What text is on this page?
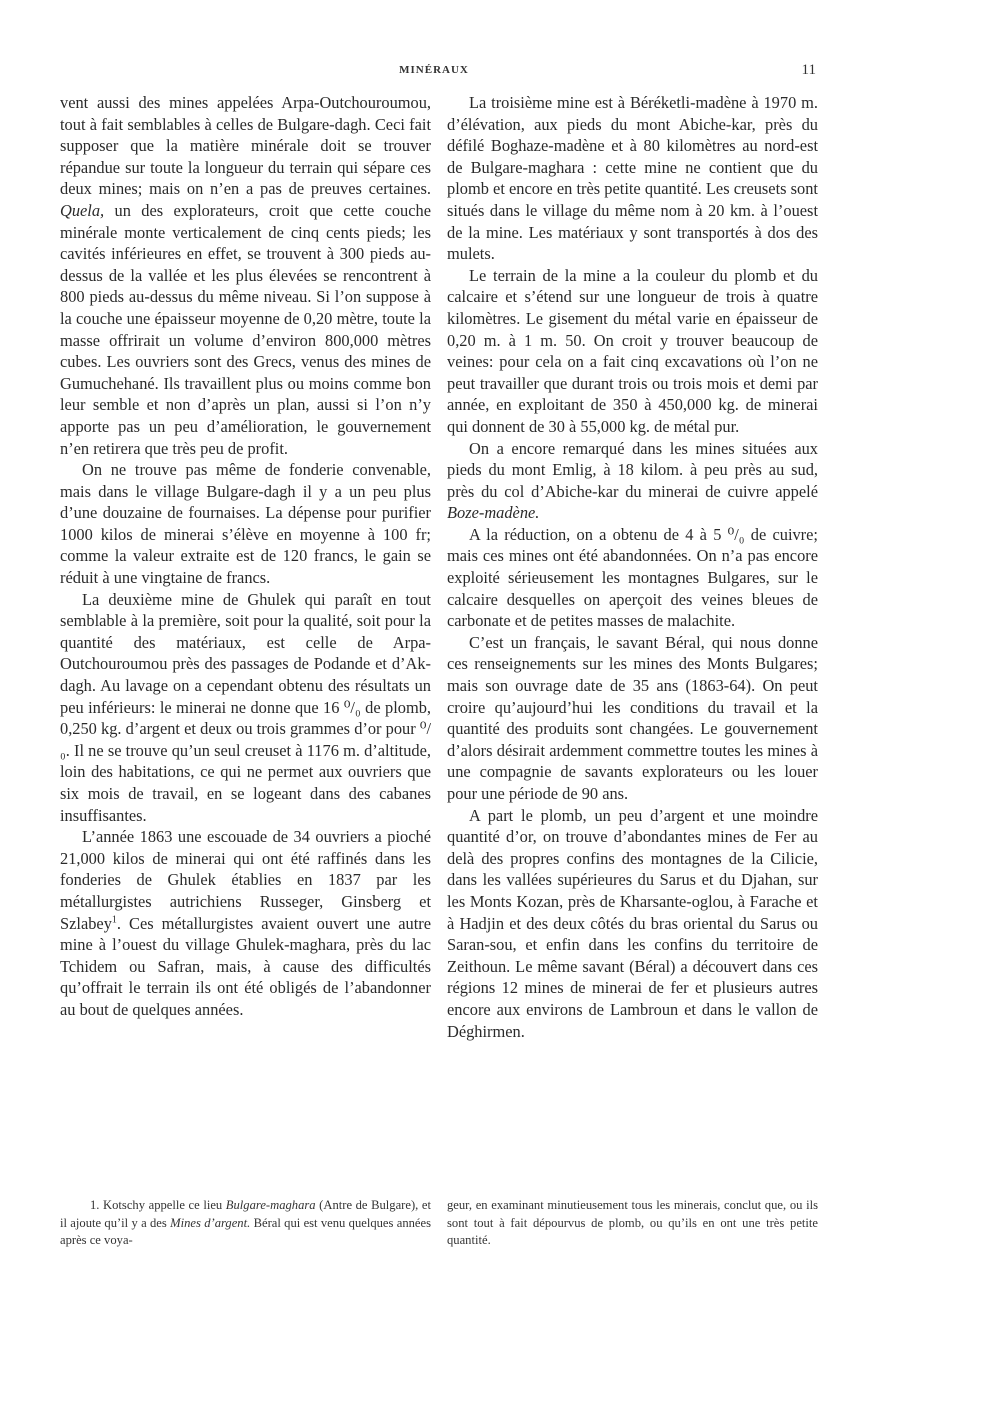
MINÉRAUX	11

vent aussi des mines appelées Arpa-Outchouroumou, tout à fait semblables à celles de Bulgare-dagh. Ceci fait supposer que la matière minérale doit se trouver répandue sur toute la longueur du terrain qui sépare ces deux mines; mais on n’en a pas de preuves certaines. Quela, un des explorateurs, croit que cette couche minérale monte verticalement de cinq cents pieds; les cavités inférieures en effet, se trouvent à 300 pieds au-dessus de la vallée et les plus élevées se rencontrent à 800 pieds au-dessus du même niveau. Si l’on suppose à la couche une épaisseur moyenne de 0,20 mètre, toute la masse offrirait un volume d’environ 800,000 mètres cubes. Les ouvriers sont des Grecs, venus des mines de Gumuchehané. Ils travaillent plus ou moins comme bon leur semble et non d’après un plan, aussi si l’on n’y apporte pas un peu d’amélioration, le gouvernement n’en retirera que très peu de profit.

On ne trouve pas même de fonderie convenable, mais dans le village Bulgare-dagh il y a un peu plus d’une douzaine de fournaises. La dépense pour purifier 1000 kilos de minerai s’élève en moyenne à 100 fr; comme la valeur extraite est de 120 francs, le gain se réduit à une vingtaine de francs.

La deuxième mine de Ghulek qui paraît en tout semblable à la première, soit pour la qualité, soit pour la quantité des matériaux, est celle de Arpa-Outchouroumou près des passages de Podande et d’Ak-dagh. Au lavage on a cependant obtenu des résultats un peu inférieurs: le minerai ne donne que 16 ⁰/₀ de plomb, 0,250 kg. d’argent et deux ou trois grammes d’or pour ⁰/₀. Il ne se trouve qu’un seul creuset à 1176 m. d’altitude, loin des habitations, ce qui ne permet aux ouvriers que six mois de travail, en se logeant dans des cabanes insuffisantes.

L’année 1863 une escouade de 34 ouvriers a pioché 21,000 kilos de minerai qui ont été raffinés dans les fonderies de Ghulek établies en 1837 par les métallurgistes autrichiens Russeger, Ginsberg et Szlabey$^1$. Ces métallurgistes avaient ouvert une autre mine à l’ouest du village Ghulek-maghara, près du lac Tchidem ou Safran, mais, à cause des difficultés qu’offrait le terrain ils ont été obligés de l’abandonner au bout de quelques années.

La troisième mine est à Béréketli-madène à 1970 m. d’élévation, aux pieds du mont Abiche-kar, près du défilé Boghaze-madène et à 80 kilomètres au nord-est de Bulgare-maghara : cette mine ne contient que du plomb et encore en très petite quantité. Les creusets sont situés dans le village du même nom à 20 km. à l’ouest de la mine. Les matériaux y sont transportés à dos des mulets.

Le terrain de la mine a la couleur du plomb et du calcaire et s’étend sur une longueur de trois à quatre kilomètres. Le gisement du métal varie en épaisseur de 0,20 m. à 1 m. 50. On croit y trouver beaucoup de veines: pour cela on a fait cinq excavations où l’on ne peut travailler que durant trois ou trois mois et demi par année, en exploitant de 350 à 450,000 kg. de minerai qui donnent de 30 à 55,000 kg. de métal pur.

On a encore remarqué dans les mines situées aux pieds du mont Emlig, à 18 kilom. à peu près au sud, près du col d’Abiche-kar du minerai de cuivre appelé Boze-madène.

A la réduction, on a obtenu de 4 à 5 ⁰/₀ de cuivre; mais ces mines ont été abandonnées. On n’a pas encore exploité sérieusement les montagnes Bulgares, sur le calcaire desquelles on aperçoit des veines bleues de carbonate et de petites masses de malachite.

C’est un français, le savant Béral, qui nous donne ces renseignements sur les mines des Monts Bulgares; mais son ouvrage date de 35 ans (1863-64). On peut croire qu’aujourd’hui les conditions du travail et la quantité des produits sont changées. Le gouvernement d’alors désirait ardemment commettre toutes les mines à une compagnie de savants explorateurs ou les louer pour une période de 90 ans.

A part le plomb, un peu d’argent et une moindre quantité d’or, on trouve d’abondantes mines de Fer au delà des propres confins des montagnes de la Cilicie, dans les vallées supérieures du Sarus et du Djahan, sur les Monts Kozan, près de Kharsante-oglou, à Farache et à Hadjin et des deux côtés du bras oriental du Sarus ou Saran-sou, et enfin dans les confins du territoire de Zeithoun. Le même savant (Béral) a découvert dans ces régions 12 mines de minerai de fer et plusieurs autres encore aux environs de Lambroun et dans le vallon de Déghirmen.

1. Kotschy appelle ce lieu Bulgare-maghara (Antre de Bulgare), et il ajoute qu’il y a des Mines d’argent. Béral qui est venu quelques années après ce voya-

geur, en examinant minutieusement tous les minerais, conclut que, ou ils sont tout à fait dépourvus de plomb, ou qu’ils en ont une très petite quantité.
